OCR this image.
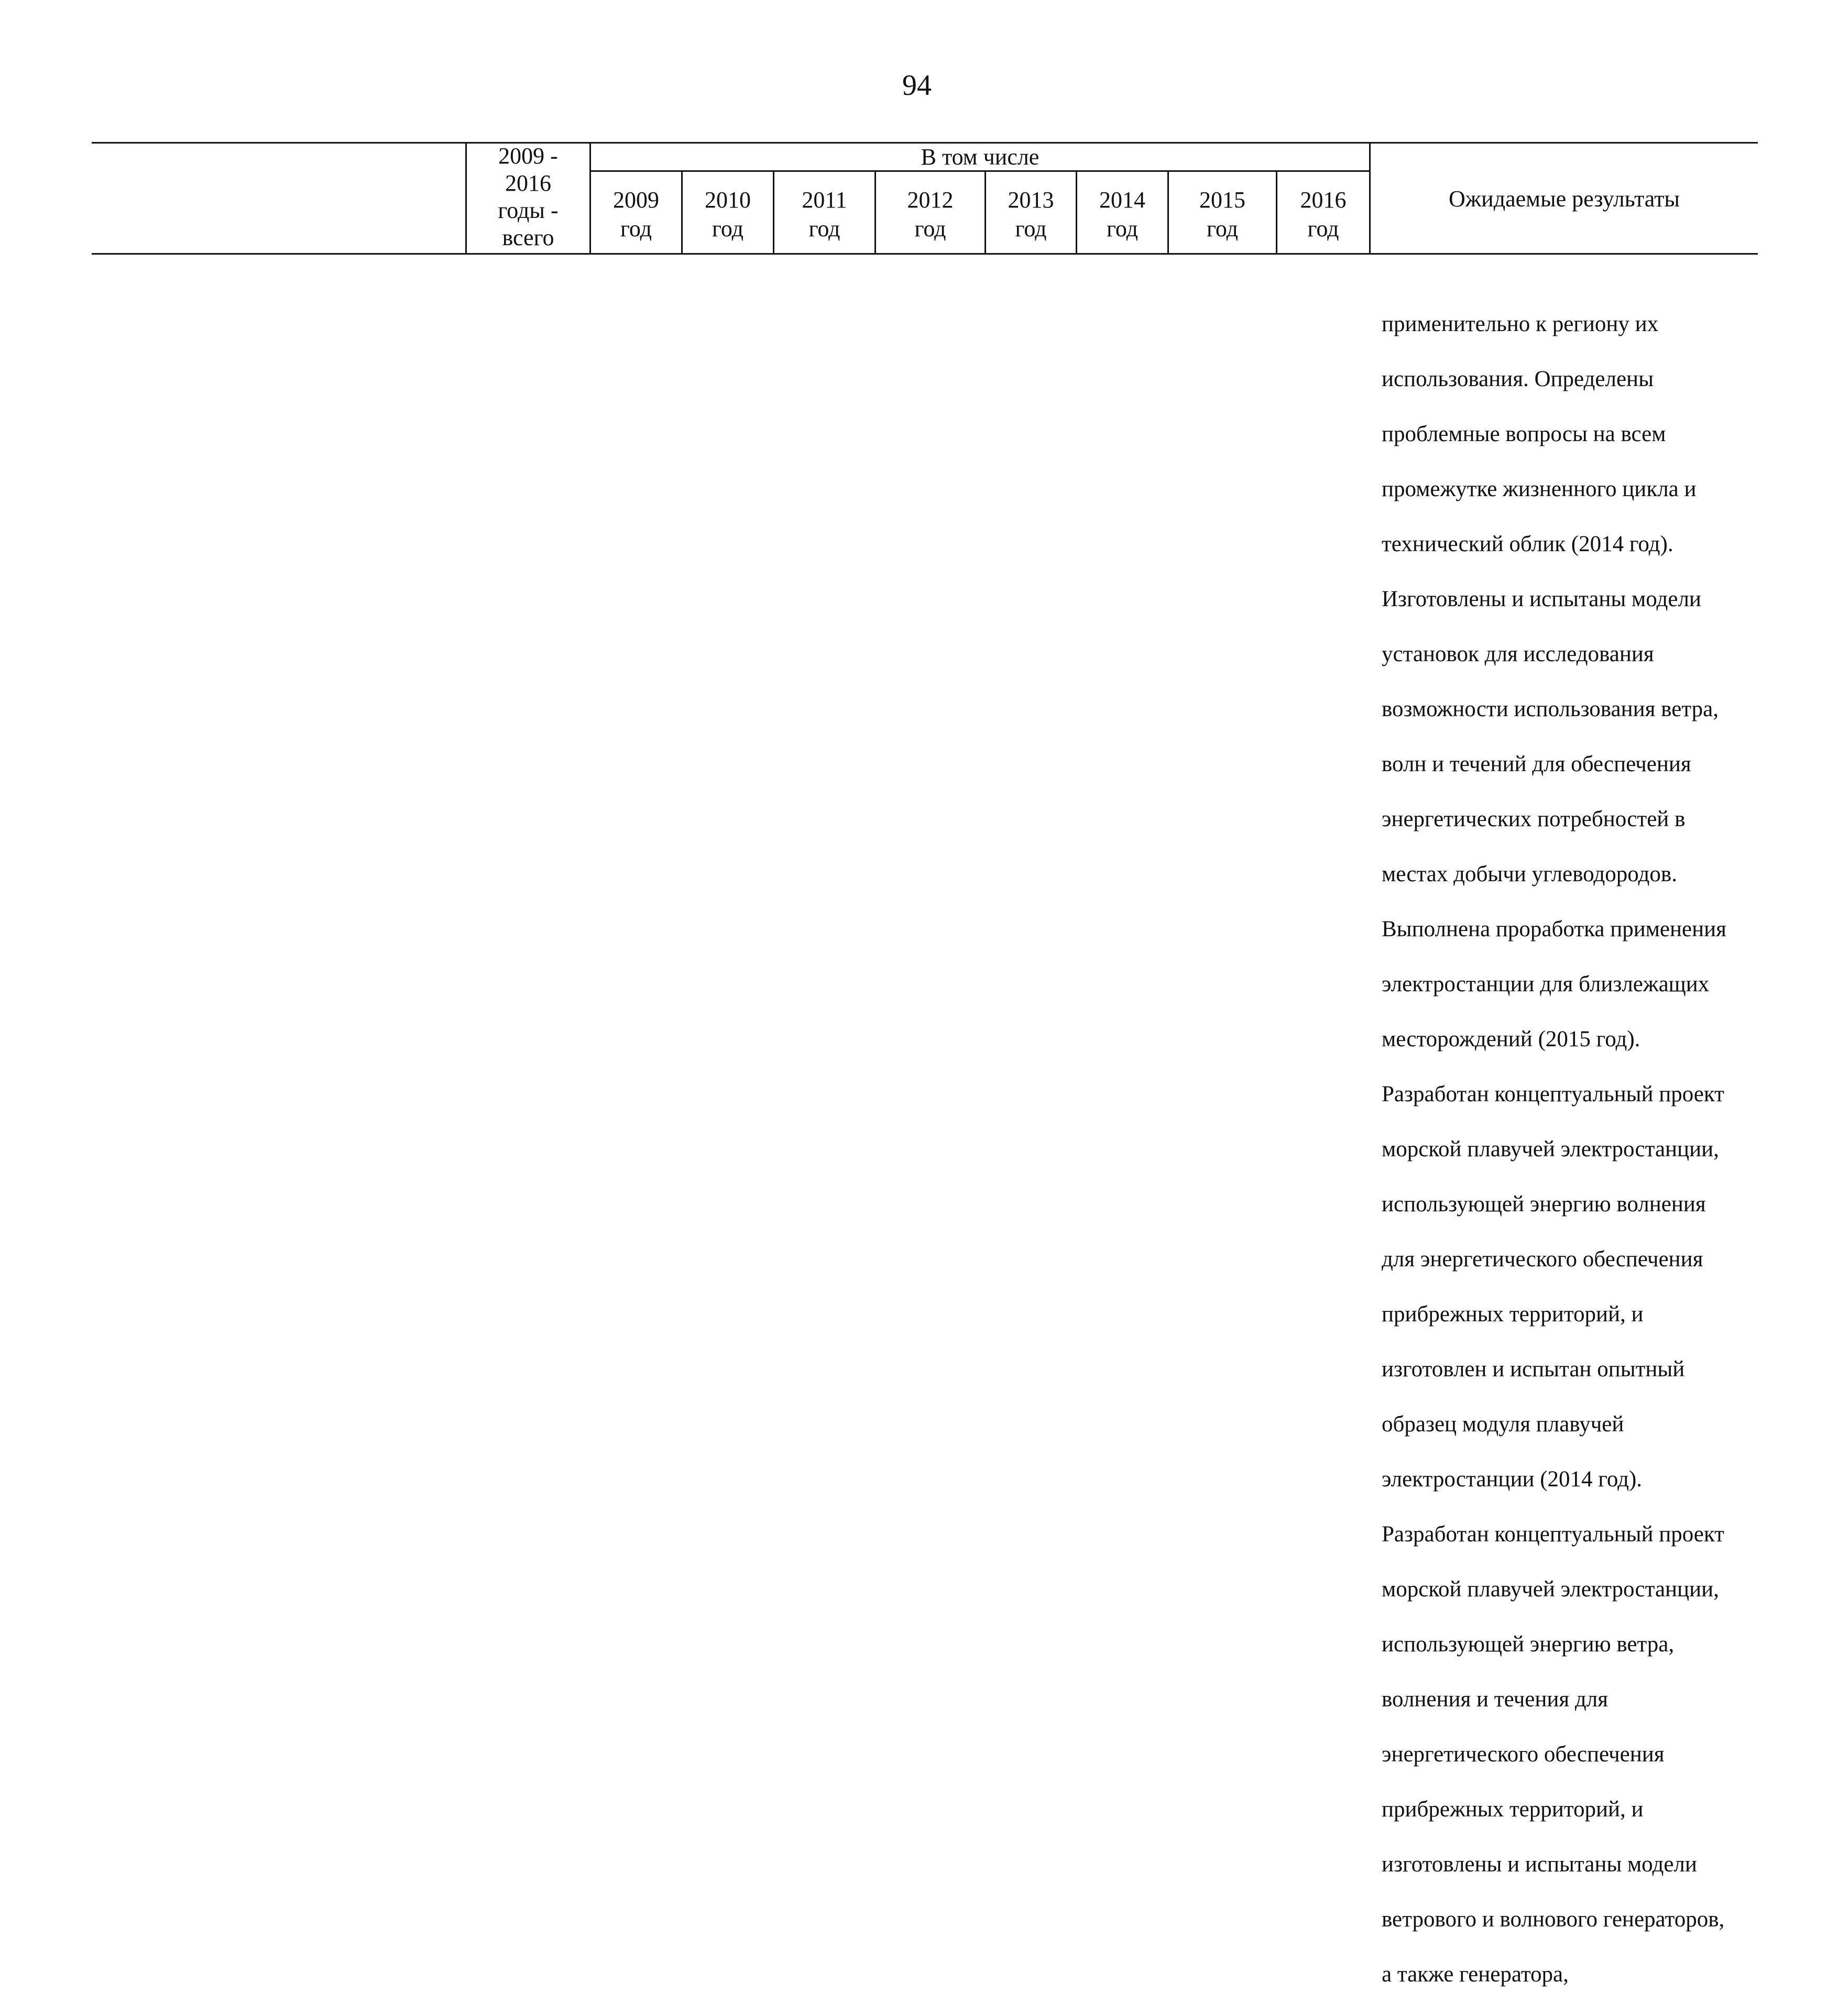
94
2009 -
2016
годы -
всего
В том числе
2009
год
2010
год
2011
год
2012
год
2013
год
2014
год
2015
год
2016
год
Ожидаемые результаты

применительно к региону их

использования. Определены

проблемные вопросы на всем

промежутке жизненного цикла и

технический облик (2014 год).

Изготовлены и испытаны модели

установок для исследования

возможности использования ветра,

волн и течений для обеспечения

энергетических потребностей в

местах добычи углеводородов.

Выполнена проработка применения

электростанции для близлежащих

месторождений (2015 год).

Разработан концептуальный проект

морской плавучей электростанции,

использующей энергию волнения

для энергетического обеспечения

прибрежных территорий, и

изготовлен и испытан опытный

образец модуля плавучей

электростанции (2014 год).

Разработан концептуальный проект

морской плавучей электростанции,

использующей энергию ветра,

волнения и течения для

энергетического обеспечения

прибрежных территорий, и

изготовлены и испытаны модели

ветрового и волнового генераторов,

а также генератора,
